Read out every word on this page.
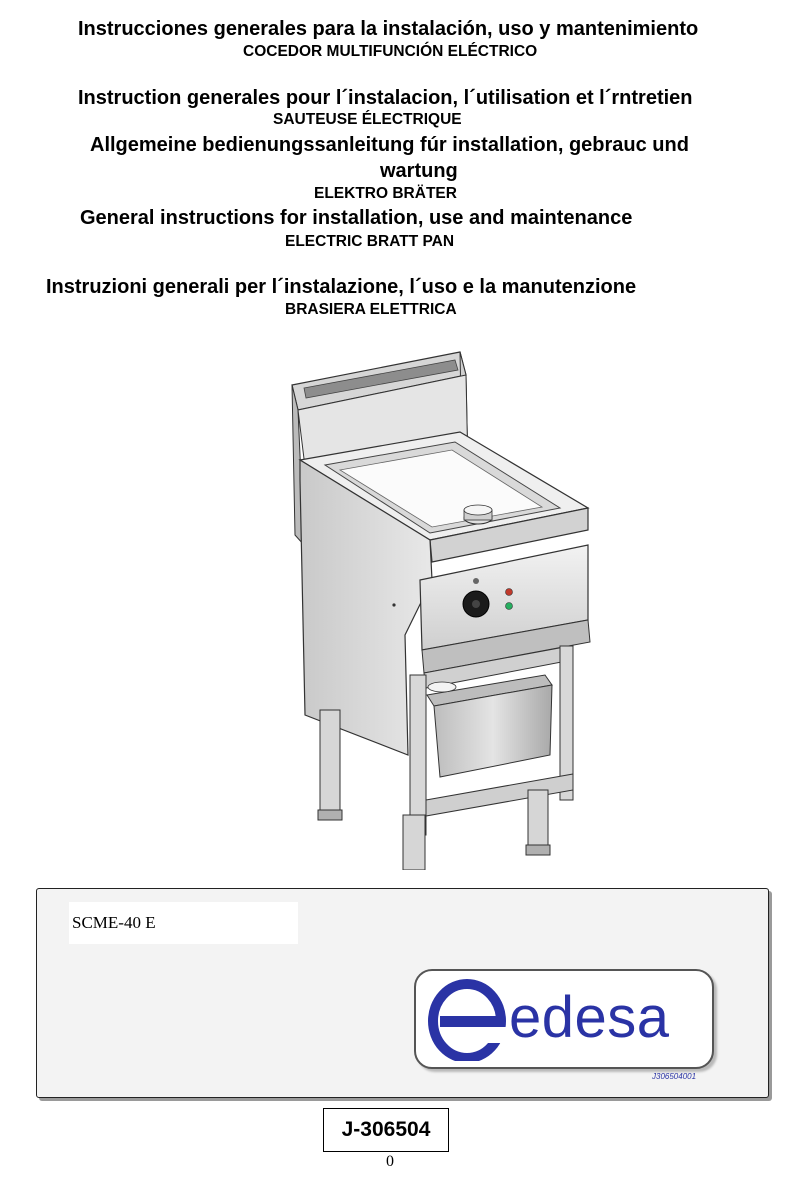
Instrucciones generales para la instalación, uso y mantenimiento
COCEDOR MULTIFUNCIÓN ELÉCTRICO
Instruction generales pour l´instalacion, l´utilisation et l´rntretien
SAUTEUSE ÉLECTRIQUE
Allgemeine bedienungssanleitung fúr installation, gebrauc und
wartung
ELEKTRO BRÄTER
General instructions for installation, use and maintenance
ELECTRIC BRATT PAN
Instruzioni generali per l´instalazione, l´uso e la manutenzione
BRASIERA ELETTRICA
SCME-40 E
edesa
J306504001
J-306504
0
